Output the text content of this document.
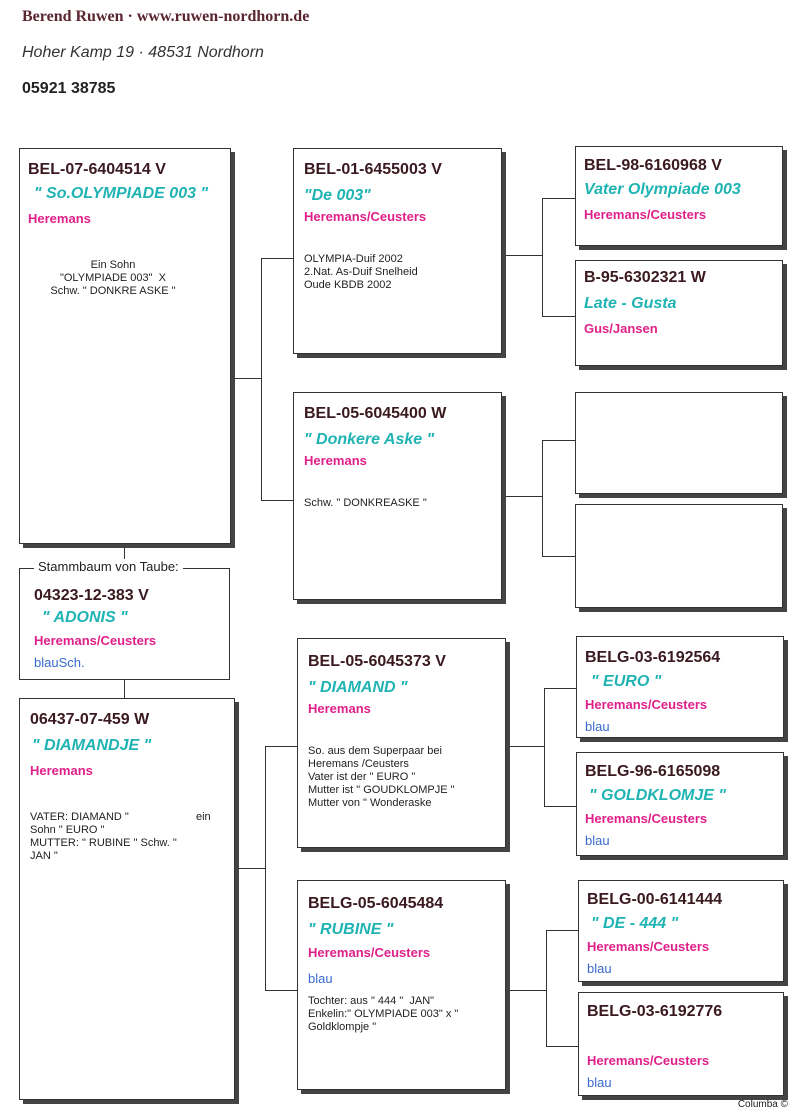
Berend Ruwen · www.ruwen-nordhorn.de
Hoher Kamp 19 · 48531 Nordhorn
05921 38785
BEL-07-6404514 V
" So.OLYMPIADE 003 "
Heremans
Ein Sohn
"OLYMPIADE 003"  X
Schw. " DONKRE ASKE "
04323-12-383 V
" ADONIS "
Heremans/Ceusters
blauSch.
Stammbaum von Taube:
06437-07-459 W
" DIAMANDJE "
Heremans
VATER: DIAMAND "	ein
Sohn " EURO "
MUTTER: " RUBINE " Schw. "
JAN "
BEL-01-6455003 V
"De 003"
Heremans/Ceusters
OLYMPIA-Duif 2002
2.Nat. As-Duif Snelheid
Oude KBDB 2002
BEL-05-6045400 W
" Donkere Aske "
Heremans
Schw. " DONKREASKE "
BEL-05-6045373 V
" DIAMAND "
Heremans
So. aus dem Superpaar bei
Heremans /Ceusters
Vater ist der " EURO "
Mutter ist " GOUDKLOMPJE "
Mutter von " Wonderaske
BELG-05-6045484
" RUBINE "
Heremans/Ceusters
blau
Tochter: aus " 444 "  JAN"
Enkelin:" OLYMPIADE 003" x "
Goldklompje "
BEL-98-6160968 V
Vater Olympiade 003
Heremans/Ceusters
B-95-6302321 W
Late - Gusta
Gus/Jansen
BELG-03-6192564
" EURO "
Heremans/Ceusters
blau
BELG-96-6165098
" GOLDKLOMJE "
Heremans/Ceusters
blau
BELG-00-6141444
" DE - 444 "
Heremans/Ceusters
blau
BELG-03-6192776
Heremans/Ceusters
blau
Columba ©
